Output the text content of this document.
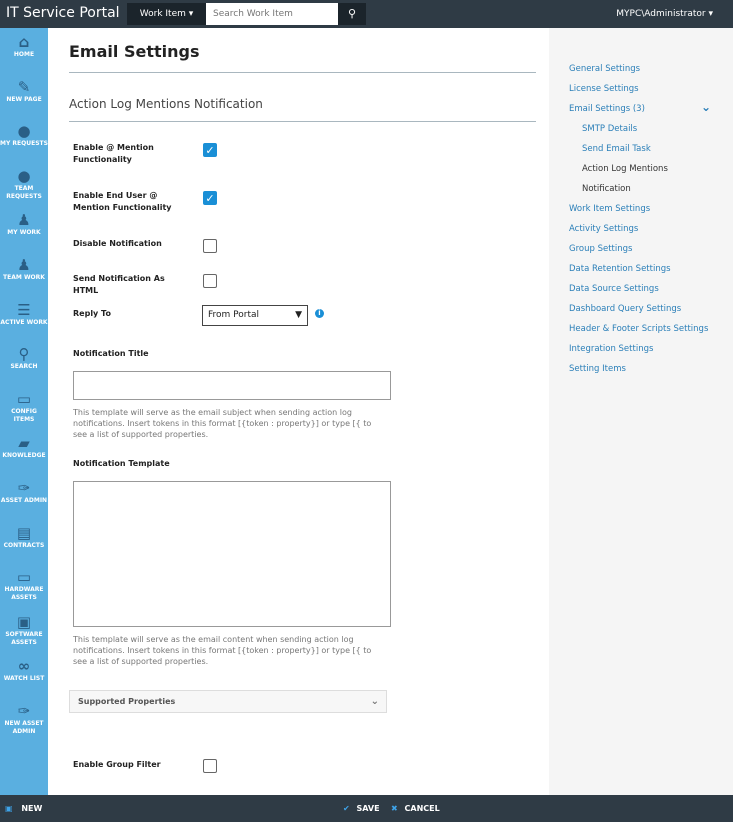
IT Service Portal	Work Item ▾
Search Work Item	⚲	MYPC\Administrator ▾
⌂
HOME
✎
NEW PAGE
●
MY REQUESTS
●
TEAM REQUESTS
♟
MY WORK
♟
TEAM WORK
☰
ACTIVE WORK
⚲
SEARCH
▭
CONFIG ITEMS
▰
KNOWLEDGE
✑
ASSET ADMIN
▤
CONTRACTS
▭
HARDWARE ASSETS
▣
SOFTWARE ASSETS
∞
WATCH LIST
✑
NEW ASSET ADMIN
Email Settings
Action Log Mentions Notification
Enable @ Mention Functionality
✓
Enable End User @ Mention Functionality
✓
Disable Notification
Send Notification As HTML
Reply To	From Portal	▼	i
Notification Title
This template will serve as the email subject when sending action log notifications. Insert tokens in this format [{token : property}] or type [{ to see a list of supported properties.
Notification Template
This template will serve as the email content when sending action log notifications. Insert tokens in this format [{token : property}] or type [{ to see a list of supported properties.
Supported Properties	⌄
Enable Group Filter
General Settings
License Settings
Email Settings (3)	⌄
SMTP Details
Send Email Task
Action Log Mentions
Notification
Work Item Settings
Activity Settings
Group Settings
Data Retention Settings
Data Source Settings
Dashboard Query Settings
Header & Footer Scripts Settings
Integration Settings
Setting Items
▣ NEW	✔ SAVE ✖ CANCEL
